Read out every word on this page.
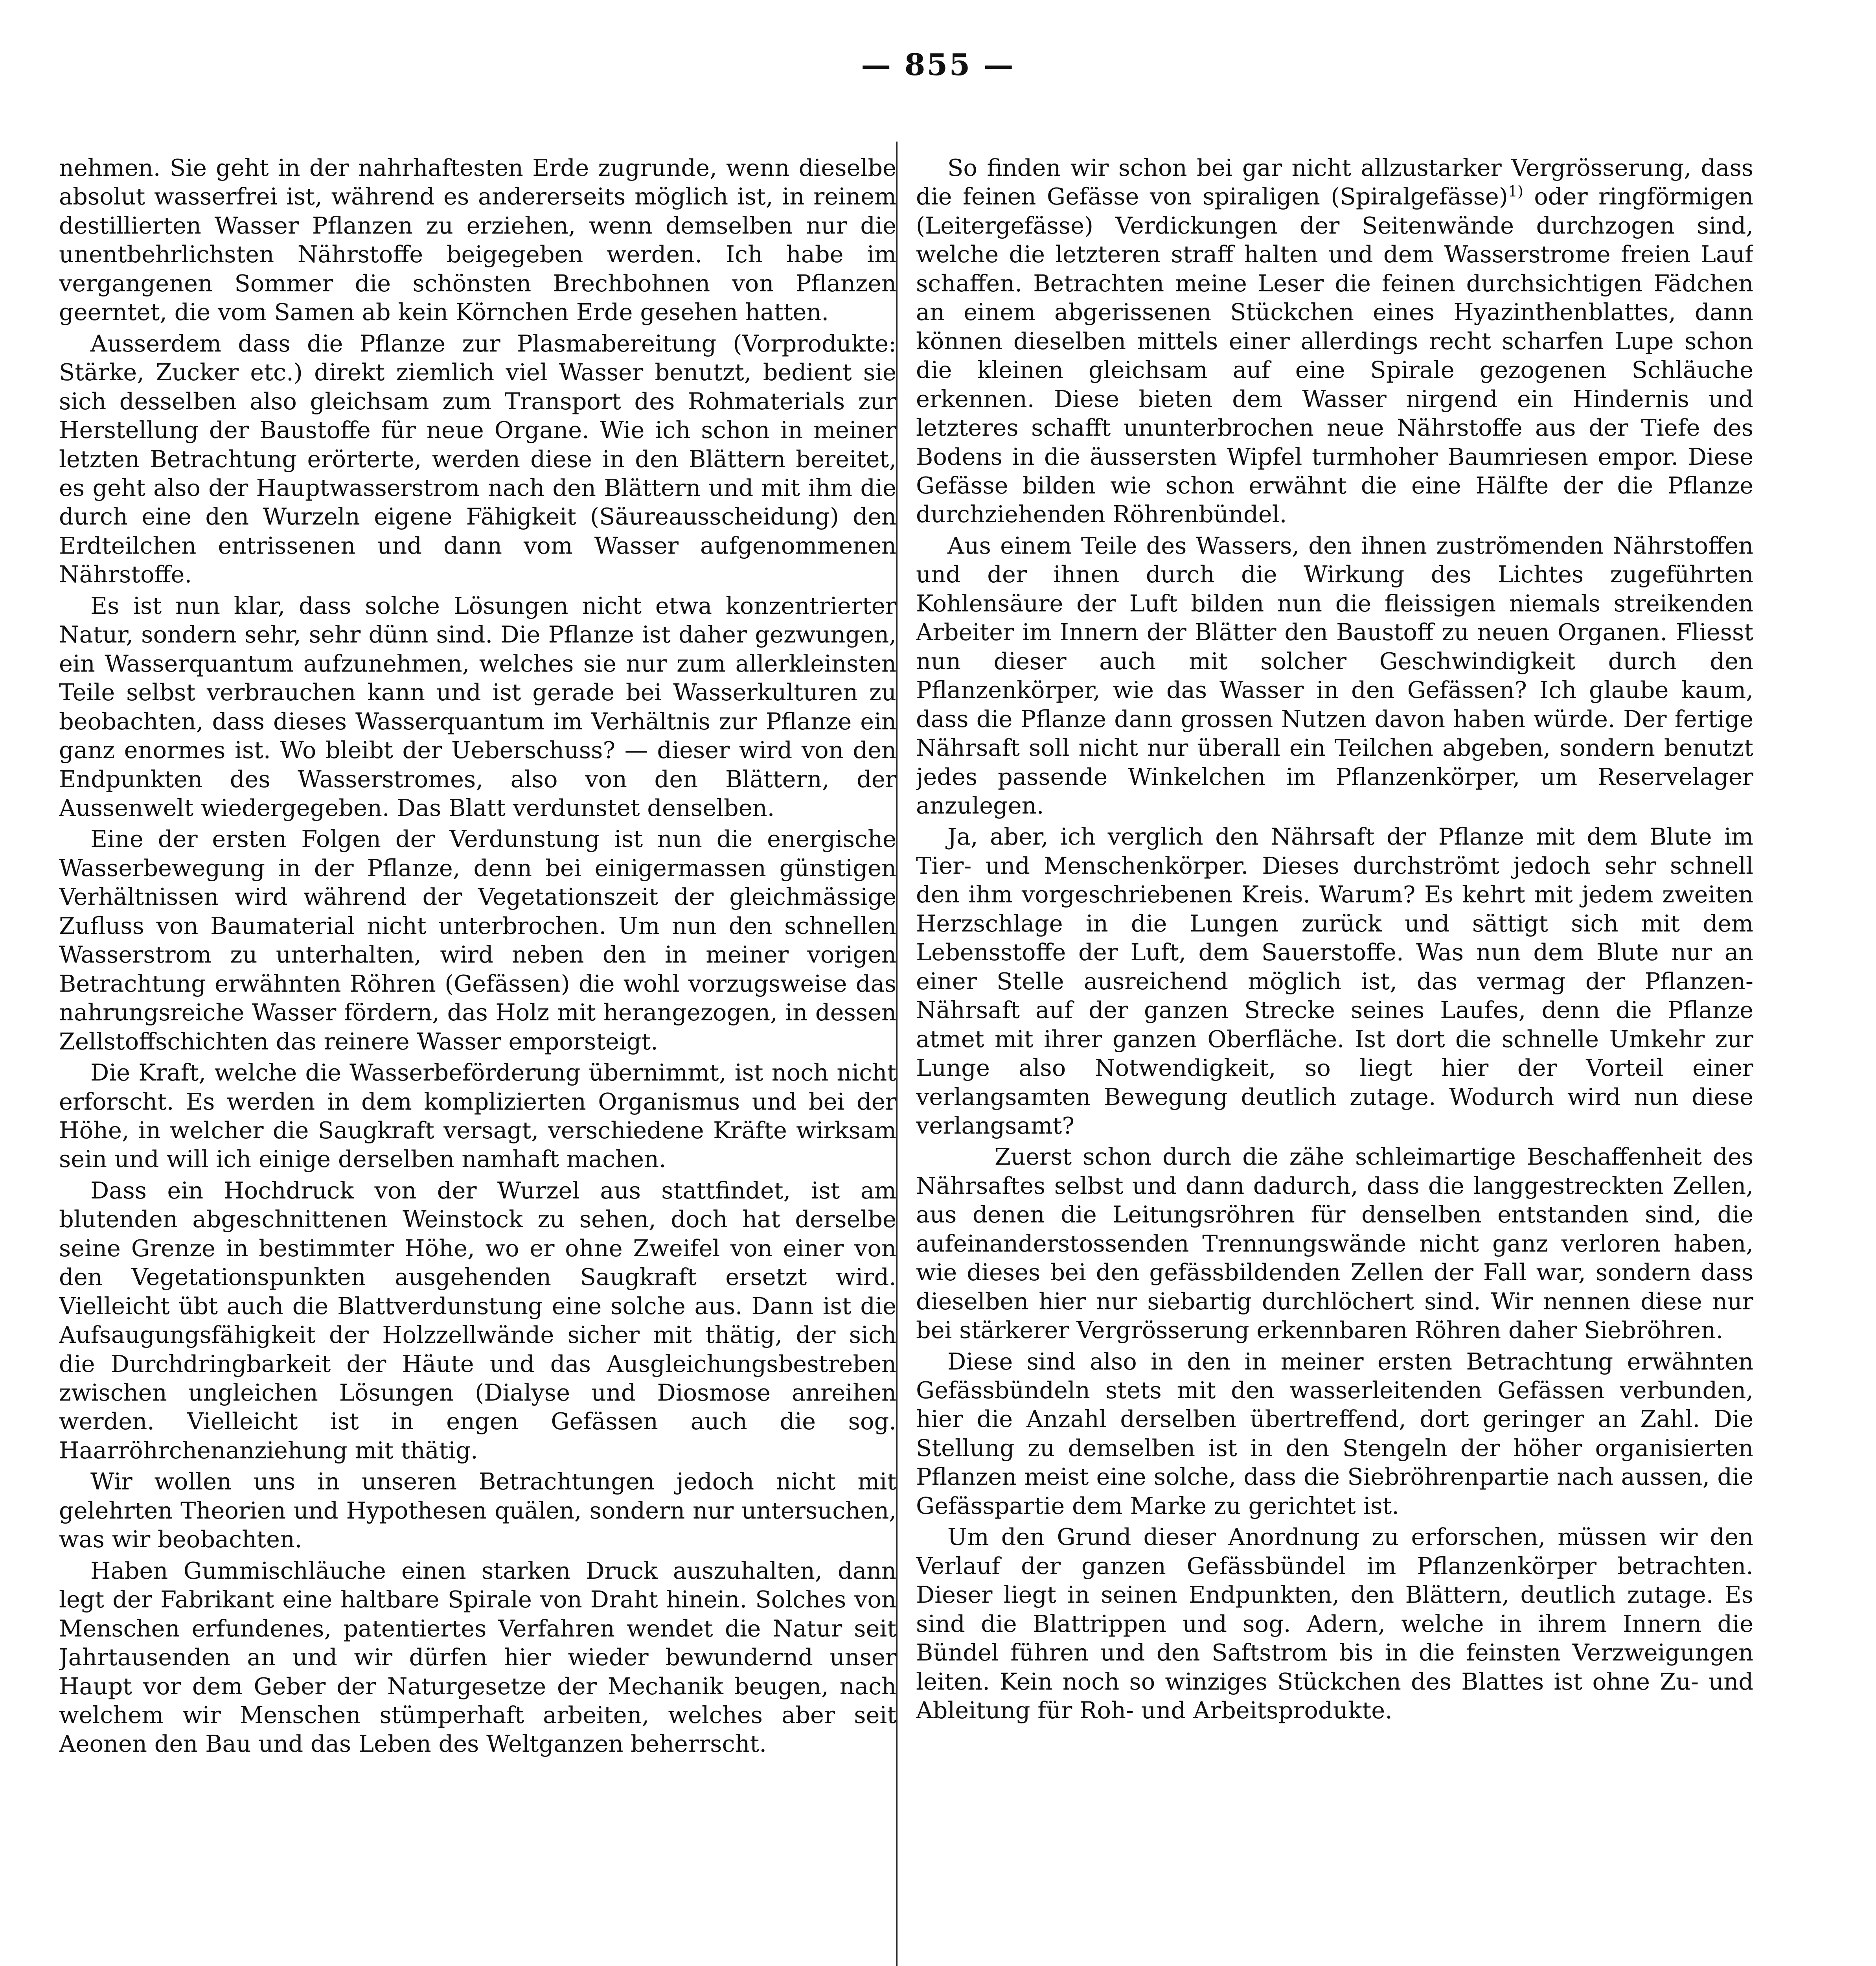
— 855 —

nehmen. Sie geht in der nahrhaftesten Erde zugrunde, wenn dieselbe absolut wasserfrei ist, während es andererseits möglich ist, in reinem destillierten Wasser Pflanzen zu erziehen, wenn demselben nur die unentbehrlichsten Nährstoffe beigegeben werden. Ich habe im vergangenen Sommer die schönsten Brechbohnen von Pflanzen geerntet, die vom Samen ab kein Körnchen Erde gesehen hatten.

Ausserdem dass die Pflanze zur Plasmabereitung (Vorprodukte: Stärke, Zucker etc.) direkt ziemlich viel Wasser benutzt, bedient sie sich desselben also gleichsam zum Transport des Rohmaterials zur Herstellung der Baustoffe für neue Organe. Wie ich schon in meiner letzten Betrachtung erörterte, werden diese in den Blättern bereitet, es geht also der Hauptwasserstrom nach den Blättern und mit ihm die durch eine den Wurzeln eigene Fähigkeit (Säureausscheidung) den Erdteilchen entrissenen und dann vom Wasser aufgenommenen Nährstoffe.

Es ist nun klar, dass solche Lösungen nicht etwa konzentrierter Natur, sondern sehr, sehr dünn sind. Die Pflanze ist daher gezwungen, ein Wasserquantum aufzunehmen, welches sie nur zum allerkleinsten Teile selbst verbrauchen kann und ist gerade bei Wasserkulturen zu beobachten, dass dieses Wasserquantum im Verhältnis zur Pflanze ein ganz enormes ist. Wo bleibt der Ueberschuss? — dieser wird von den Endpunkten des Wasserstromes, also von den Blättern, der Aussenwelt wiedergegeben. Das Blatt verdunstet denselben.

Eine der ersten Folgen der Verdunstung ist nun die energische Wasserbewegung in der Pflanze, denn bei einigermassen günstigen Verhältnissen wird während der Vegetationszeit der gleichmässige Zufluss von Baumaterial nicht unterbrochen. Um nun den schnellen Wasserstrom zu unterhalten, wird neben den in meiner vorigen Betrachtung erwähnten Röhren (Gefässen) die wohl vorzugsweise das nahrungsreiche Wasser fördern, das Holz mit herangezogen, in dessen Zellstoffschichten das reinere Wasser emporsteigt.

Die Kraft, welche die Wasserbeförderung übernimmt, ist noch nicht erforscht. Es werden in dem komplizierten Organismus und bei der Höhe, in welcher die Saugkraft versagt, verschiedene Kräfte wirksam sein und will ich einige derselben namhaft machen.

Dass ein Hochdruck von der Wurzel aus stattfindet, ist am blutenden abgeschnittenen Weinstock zu sehen, doch hat derselbe seine Grenze in bestimmter Höhe, wo er ohne Zweifel von einer von den Vegetationspunkten ausgehenden Saugkraft ersetzt wird. Vielleicht übt auch die Blattverdunstung eine solche aus. Dann ist die Aufsaugungsfähigkeit der Holzzellwände sicher mit thätig, der sich die Durchdringbarkeit der Häute und das Ausgleichungsbestreben zwischen ungleichen Lösungen (Dialyse und Diosmose anreihen werden. Vielleicht ist in engen Gefässen auch die sog. Haarröhrchenanziehung mit thätig.

Wir wollen uns in unseren Betrachtungen jedoch nicht mit gelehrten Theorien und Hypothesen quälen, sondern nur untersuchen, was wir beobachten.

Haben Gummischläuche einen starken Druck auszuhalten, dann legt der Fabrikant eine haltbare Spirale von Draht hinein. Solches von Menschen erfundenes, patentiertes Verfahren wendet die Natur seit Jahrtausenden an und wir dürfen hier wieder bewundernd unser Haupt vor dem Geber der Naturgesetze der Mechanik beugen, nach welchem wir Menschen stümperhaft arbeiten, welches aber seit Aeonen den Bau und das Leben des Weltganzen beherrscht.

So finden wir schon bei gar nicht allzustarker Vergrösserung, dass die feinen Gefässe von spiraligen (Spiralgefässe)$^{1)}$ oder ringförmigen (Leitergefässe) Verdickungen der Seitenwände durchzogen sind, welche die letzteren straff halten und dem Wasserstrome freien Lauf schaffen. Betrachten meine Leser die feinen durchsichtigen Fädchen an einem abgerissenen Stückchen eines Hyazinthenblattes, dann können dieselben mittels einer allerdings recht scharfen Lupe schon die kleinen gleichsam auf eine Spirale gezogenen Schläuche erkennen. Diese bieten dem Wasser nirgend ein Hindernis und letzteres schafft ununterbrochen neue Nährstoffe aus der Tiefe des Bodens in die äussersten Wipfel turmhoher Baumriesen empor. Diese Gefässe bilden wie schon erwähnt die eine Hälfte der die Pflanze durchziehenden Röhrenbündel.

Aus einem Teile des Wassers, den ihnen zuströmenden Nährstoffen und der ihnen durch die Wirkung des Lichtes zugeführten Kohlensäure der Luft bilden nun die fleissigen niemals streikenden Arbeiter im Innern der Blätter den Baustoff zu neuen Organen. Fliesst nun dieser auch mit solcher Geschwindigkeit durch den Pflanzenkörper, wie das Wasser in den Gefässen? Ich glaube kaum, dass die Pflanze dann grossen Nutzen davon haben würde. Der fertige Nährsaft soll nicht nur überall ein Teilchen abgeben, sondern benutzt jedes passende Winkelchen im Pflanzenkörper, um Reservelager anzulegen.

Ja, aber, ich verglich den Nährsaft der Pflanze mit dem Blute im Tier- und Menschenkörper. Dieses durchströmt jedoch sehr schnell den ihm vorgeschriebenen Kreis. Warum? Es kehrt mit jedem zweiten Herzschlage in die Lungen zurück und sättigt sich mit dem Lebensstoffe der Luft, dem Sauerstoffe. Was nun dem Blute nur an einer Stelle ausreichend möglich ist, das vermag der Pflanzen-Nährsaft auf der ganzen Strecke seines Laufes, denn die Pflanze atmet mit ihrer ganzen Oberfläche. Ist dort die schnelle Umkehr zur Lunge also Notwendigkeit, so liegt hier der Vorteil einer verlangsamten Bewegung deutlich zutage. Wodurch wird nun diese verlangsamt?

Zuerst schon durch die zähe schleimartige Beschaffenheit des Nährsaftes selbst und dann dadurch, dass die langgestreckten Zellen, aus denen die Leitungsröhren für denselben entstanden sind, die aufeinanderstossenden Trennungswände nicht ganz verloren haben, wie dieses bei den gefässbildenden Zellen der Fall war, sondern dass dieselben hier nur siebartig durchlöchert sind. Wir nennen diese nur bei stärkerer Vergrösserung erkennbaren Röhren daher Siebröhren.

Diese sind also in den in meiner ersten Betrachtung erwähnten Gefässbündeln stets mit den wasserleitenden Gefässen verbunden, hier die Anzahl derselben übertreffend, dort geringer an Zahl. Die Stellung zu demselben ist in den Stengeln der höher organisierten Pflanzen meist eine solche, dass die Siebröhrenpartie nach aussen, die Gefässpartie dem Marke zu gerichtet ist.

Um den Grund dieser Anordnung zu erforschen, müssen wir den Verlauf der ganzen Gefässbündel im Pflanzenkörper betrachten. Dieser liegt in seinen Endpunkten, den Blättern, deutlich zutage. Es sind die Blattrippen und sog. Adern, welche in ihrem Innern die Bündel führen und den Saftstrom bis in die feinsten Verzweigungen leiten. Kein noch so winziges Stückchen des Blattes ist ohne Zu- und Ableitung für Roh- und Arbeitsprodukte.
